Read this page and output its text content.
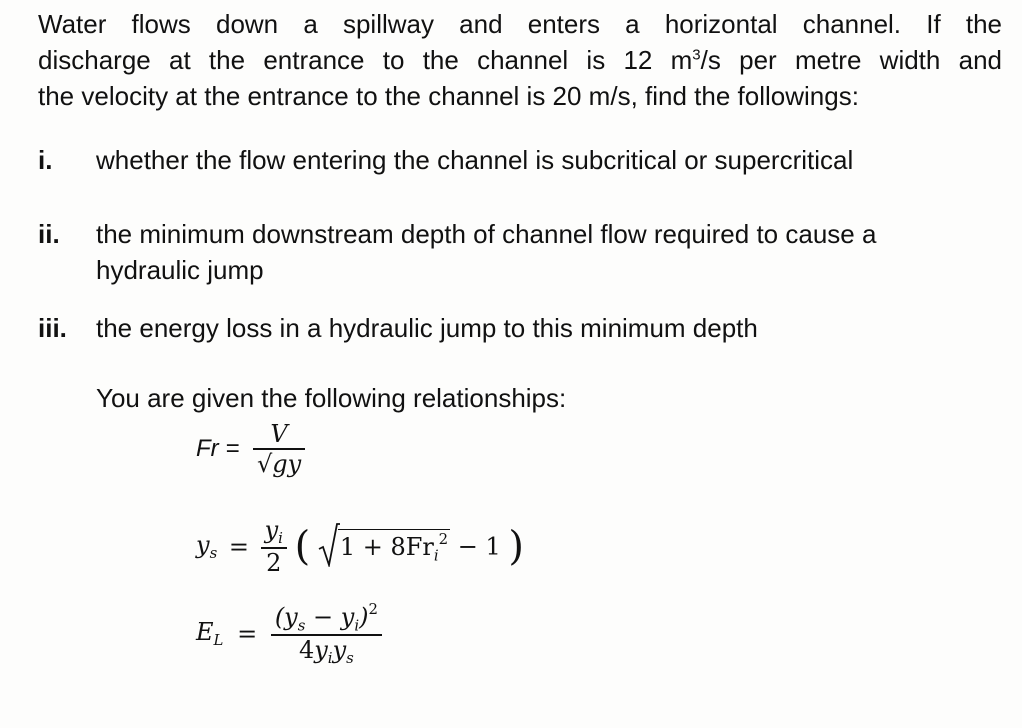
Water flows down a spillway and enters a horizontal channel. If the
discharge at the entrance to the channel is 12 $m^3/s$ per metre width and
the velocity at the entrance to the channel is 20 m/s, find the followings:

i. whether the flow entering the channel is subcritical or supercritical
ii. the minimum downstream depth of channel flow required to cause a
hydraulic jump
iii. the energy loss in a hydraulic jump to this minimum depth
You are given the following relationships:
$Fr = \frac{V}{√gy}$
$y_s = \frac{y_i}{2}$ ( $1 + 8Fr_i^2 - 1$ )
$E_L = \frac{(y_s - y_i)^2}{4y_iy_s}$
